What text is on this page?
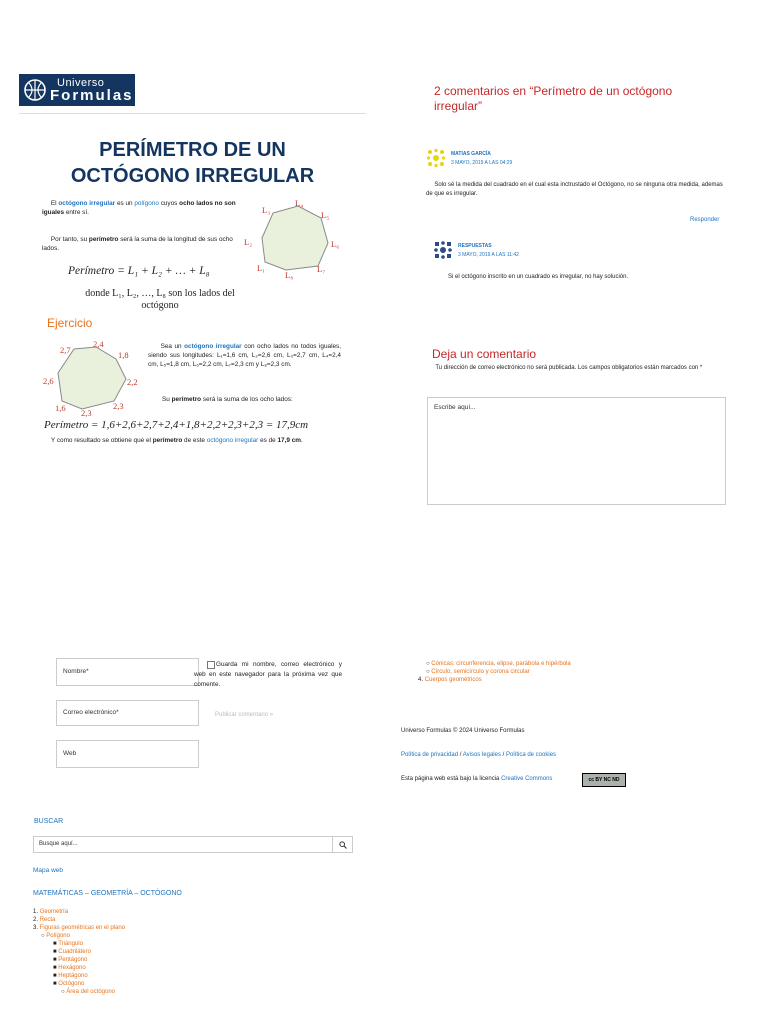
Universo
Formulas
PERÍMETRO DE UN
OCTÓGONO IRREGULAR
El octógono irregular es un polígono cuyos ocho lados no son iguales entre sí.
Por tanto, su perímetro será la suma de la longitud de sus ocho lados.
L₃
L₄
L₅
L₂	L₆
L₁	L₇
L₈
Perímetro = L₁ + L₂ + … + L₈
donde L₁, L₂, …, L₈ son los lados del
octógono
Ejercicio
2,7
2,4
1,8
2,6	2,2
1,6	2,3
2,3
Sea un octógono irregular con ocho lados no todos iguales, siendo sus longitudes: L₁=1,6 cm, L₂=2,6 cm, L₃=2,7 cm, L₄=2,4 cm, L₅=1,8 cm, L₆=2,2 cm, L₇=2,3 cm y L₈=2,3 cm.
Su perímetro será la suma de los ocho lados:
Perímetro = 1,6+2,6+2,7+2,4+1,8+2,2+2,3+2,3 = 17,9cm
Y como resultado se obtiene que el perímetro de este octógono irregular es de 17,9 cm.
2 comentarios en “Perímetro de un octógono
irregular”
MATIAS GARCÍA
3 MAYO, 2019 A LAS 04:29
Solo sé la medida del cuadrado en el cual esta inctrustado el Octógono, no se ninguna otra medida, ademas de que es irregular.
Responder
RESPUESTAS
3 MAYO, 2019 A LAS 11:42
Si el octógono inscrito en un cuadrado es irregular, no hay solución.
Deja un comentario
Tu dirección de correo electrónico no será publicada. Los campos obligatorios están marcados con *
Escribe aquí...
Nombre*
Correo electrónico*
Web
Guarda mi nombre, correo electrónico y web en este navegador para la próxima vez que comente.
Publicar comentario »
BUSCAR
Busque aquí...
Mapa web
MATEMÁTICAS – GEOMETRÍA – OCTÓGONO
1. Geometría
2. Recta
3. Figuras geométricas en el plano
○ Polígono
■ Triángulo
■ Cuadrilátero
■ Pentágono
■ Hexágono
■ Heptágono
■ Octógono
○ Área del octógono
○ Cónicas: circunferencia, elipse, parábola e hipérbola
○ Círculo, semicírculo y corona circular
4. Cuerpos geométricos
Universo Formulas © 2024 Universo Formulas
Política de privacidad / Avisos legales / Política de cookies
Esta página web está bajo la licencia Creative Commons	cc BY NC ND
